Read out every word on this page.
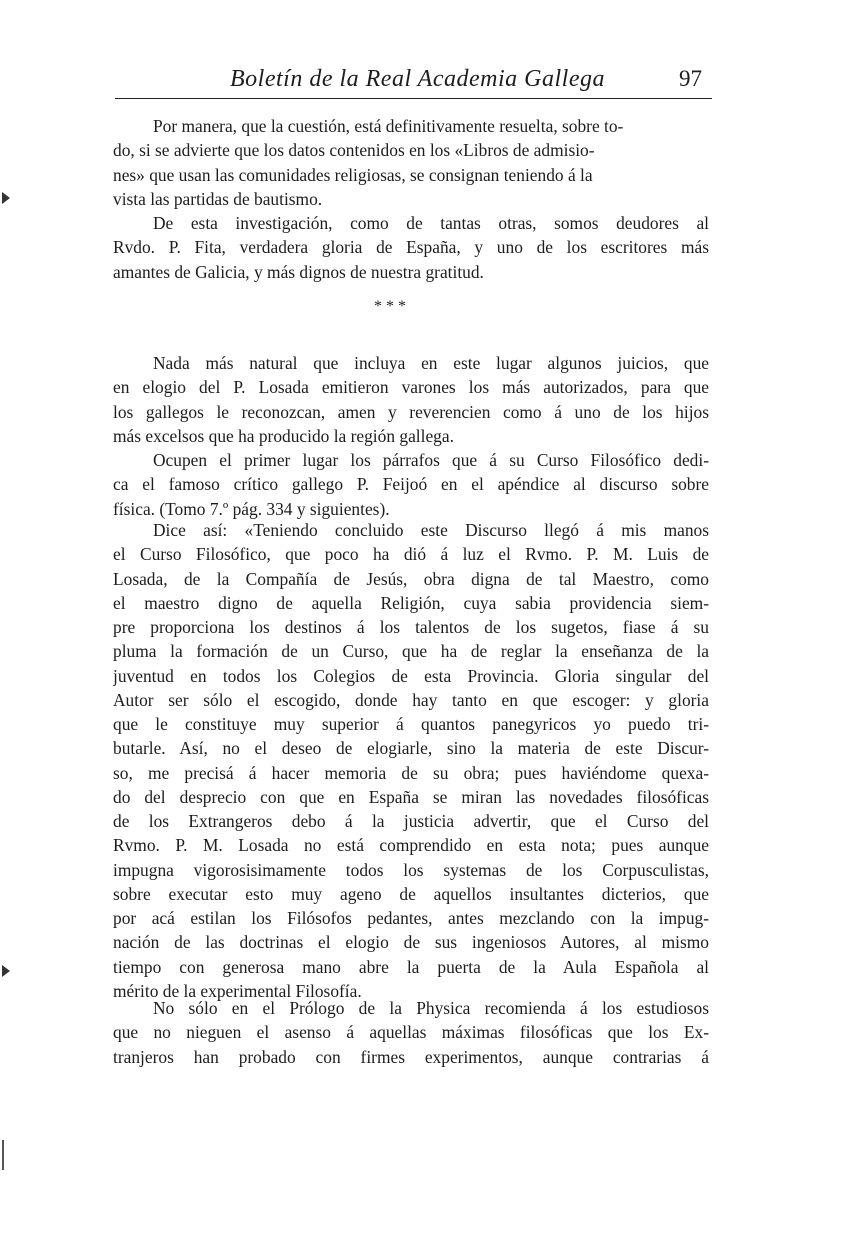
Boletín de la Real Academia Gallega	97
Por manera, que la cuestión, está definitivamente resuelta, sobre to-
do, si se advierte que los datos contenidos en los «Libros de admisio-
nes» que usan las comunidades religiosas, se consignan teniendo á la
vista las partidas de bautismo.
De esta investigación, como de tantas otras, somos deudores al
Rvdo. P. Fita, verdadera gloria de España, y uno de los escritores más
amantes de Galicia, y más dignos de nuestra gratitud.
* * *
Nada más natural que incluya en este lugar algunos juicios, que
en elogio del P. Losada emitieron varones los más autorizados, para que
los gallegos le reconozcan, amen y reverencien como á uno de los hijos
más excelsos que ha producido la región gallega.
Ocupen el primer lugar los párrafos que á su Curso Filosófico dedi-
ca el famoso crítico gallego P. Feijoó en el apéndice al discurso sobre
física. (Tomo 7.º pág. 334 y siguientes).
Dice así: «Teniendo concluido este Discurso llegó á mis manos
el Curso Filosófico, que poco ha dió á luz el Rvmo. P. M. Luis de
Losada, de la Compañía de Jesús, obra digna de tal Maestro, como
el maestro digno de aquella Religión, cuya sabia providencia siem-
pre proporciona los destinos á los talentos de los sugetos, fiase á su
pluma la formación de un Curso, que ha de reglar la enseñanza de la
juventud en todos los Colegios de esta Provincia. Gloria singular del
Autor ser sólo el escogido, donde hay tanto en que escoger: y gloria
que le constituye muy superior á quantos panegyricos yo puedo tri-
butarle. Así, no el deseo de elogiarle, sino la materia de este Discur-
so, me precisá á hacer memoria de su obra; pues haviéndome quexa-
do del desprecio con que en España se miran las novedades filosóficas
de los Extrangeros debo á la justicia advertir, que el Curso del
Rvmo. P. M. Losada no está comprendido en esta nota; pues aunque
impugna vigorosisimamente todos los systemas de los Corpusculistas,
sobre executar esto muy ageno de aquellos insultantes dicterios, que
por acá estilan los Filósofos pedantes, antes mezclando con la impug-
nación de las doctrinas el elogio de sus ingeniosos Autores, al mismo
tiempo con generosa mano abre la puerta de la Aula Española al
mérito de la experimental Filosofía.
No sólo en el Prólogo de la Physica recomienda á los estudiosos
que no nieguen el asenso á aquellas máximas filosóficas que los Ex-
tranjeros han probado con firmes experimentos, aunque contrarias á
